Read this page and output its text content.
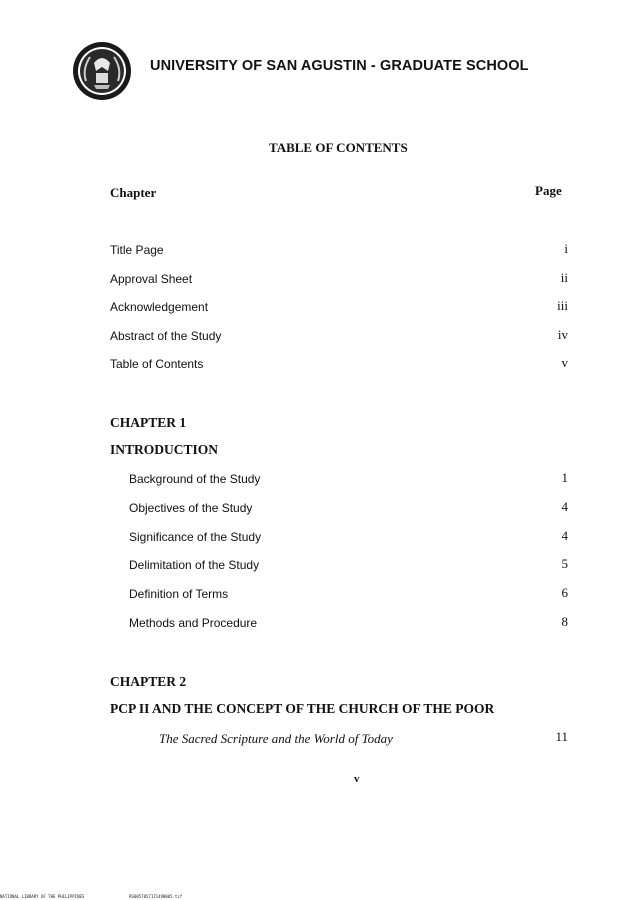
UNIVERSITY OF SAN AGUSTIN - GRADUATE SCHOOL
TABLE OF CONTENTS
Chapter	Page
Title Page	i
Approval Sheet	ii
Acknowledgement	iii
Abstract of the Study	iv
Table of Contents	v
CHAPTER 1
INTRODUCTION
Background of the Study	1
Objectives of the Study	4
Significance of the Study	4
Delimitation of the Study	5
Definition of Terms	6
Methods and Procedure	8
CHAPTER 2
PCP II AND THE CONCEPT OF THE CHURCH OF THE POOR
The Sacred Scripture and the World of Today	11
v
NATIONAL LIBRARY OF THE PHILIPPINES	RS0057057171490005.tif
